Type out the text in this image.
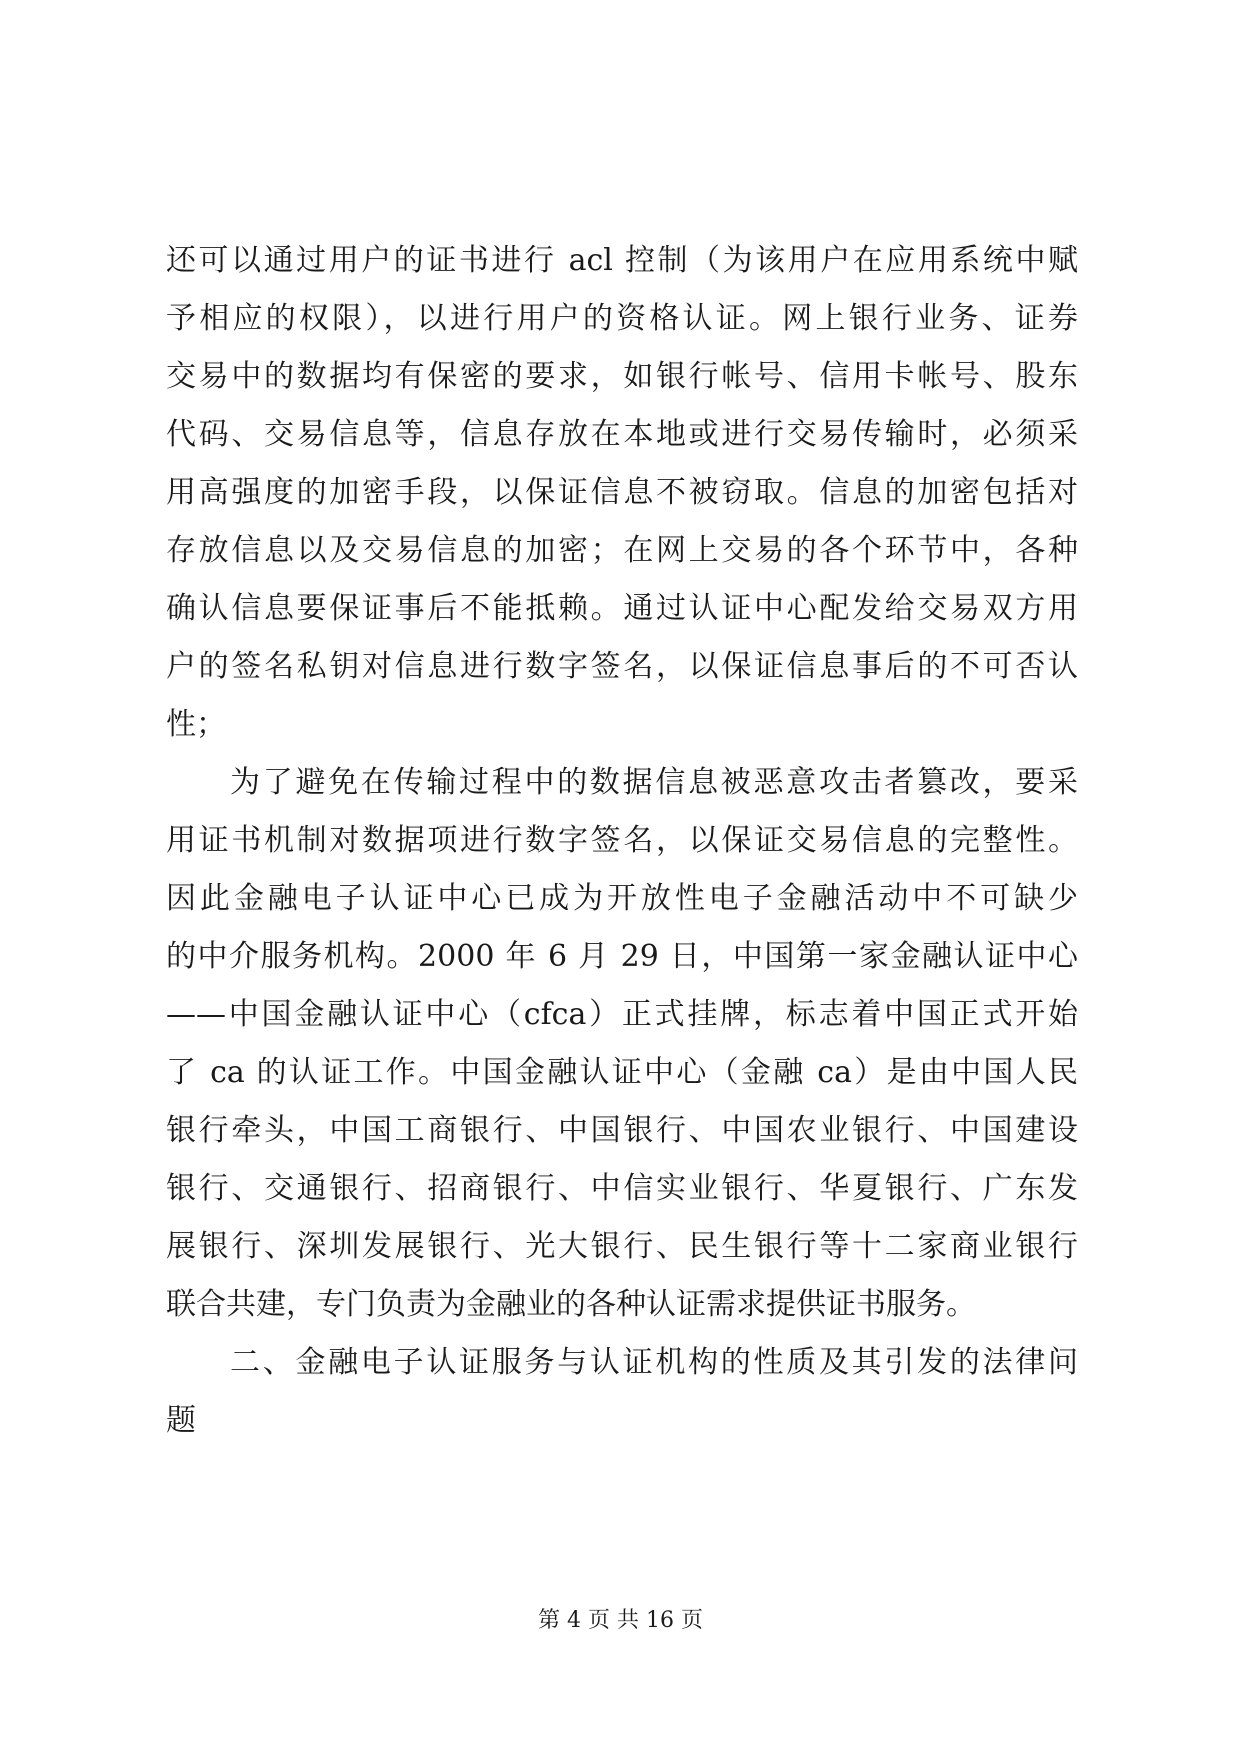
还可以通过用户的证书进行 acl 控制（为该用户在应用系统中赋
予相应的权限），以进行用户的资格认证。网上银行业务、证券
交易中的数据均有保密的要求，如银行帐号、信用卡帐号、股东
代码、交易信息等，信息存放在本地或进行交易传输时，必须采
用高强度的加密手段，以保证信息不被窃取。信息的加密包括对
存放信息以及交易信息的加密；在网上交易的各个环节中，各种
确认信息要保证事后不能抵赖。通过认证中心配发给交易双方用
户的签名私钥对信息进行数字签名，以保证信息事后的不可否认
性；
为了避免在传输过程中的数据信息被恶意攻击者篡改，要采
用证书机制对数据项进行数字签名，以保证交易信息的完整性。
因此金融电子认证中心已成为开放性电子金融活动中不可缺少
的中介服务机构。2000 年 6 月 29 日，中国第一家金融认证中心
——中国金融认证中心（cfca）正式挂牌，标志着中国正式开始
了 ca 的认证工作。中国金融认证中心（金融 ca）是由中国人民
银行牵头，中国工商银行、中国银行、中国农业银行、中国建设
银行、交通银行、招商银行、中信实业银行、华夏银行、广东发
展银行、深圳发展银行、光大银行、民生银行等十二家商业银行
联合共建，专门负责为金融业的各种认证需求提供证书服务。
二、金融电子认证服务与认证机构的性质及其引发的法律问
题
第 4 页 共 16 页
